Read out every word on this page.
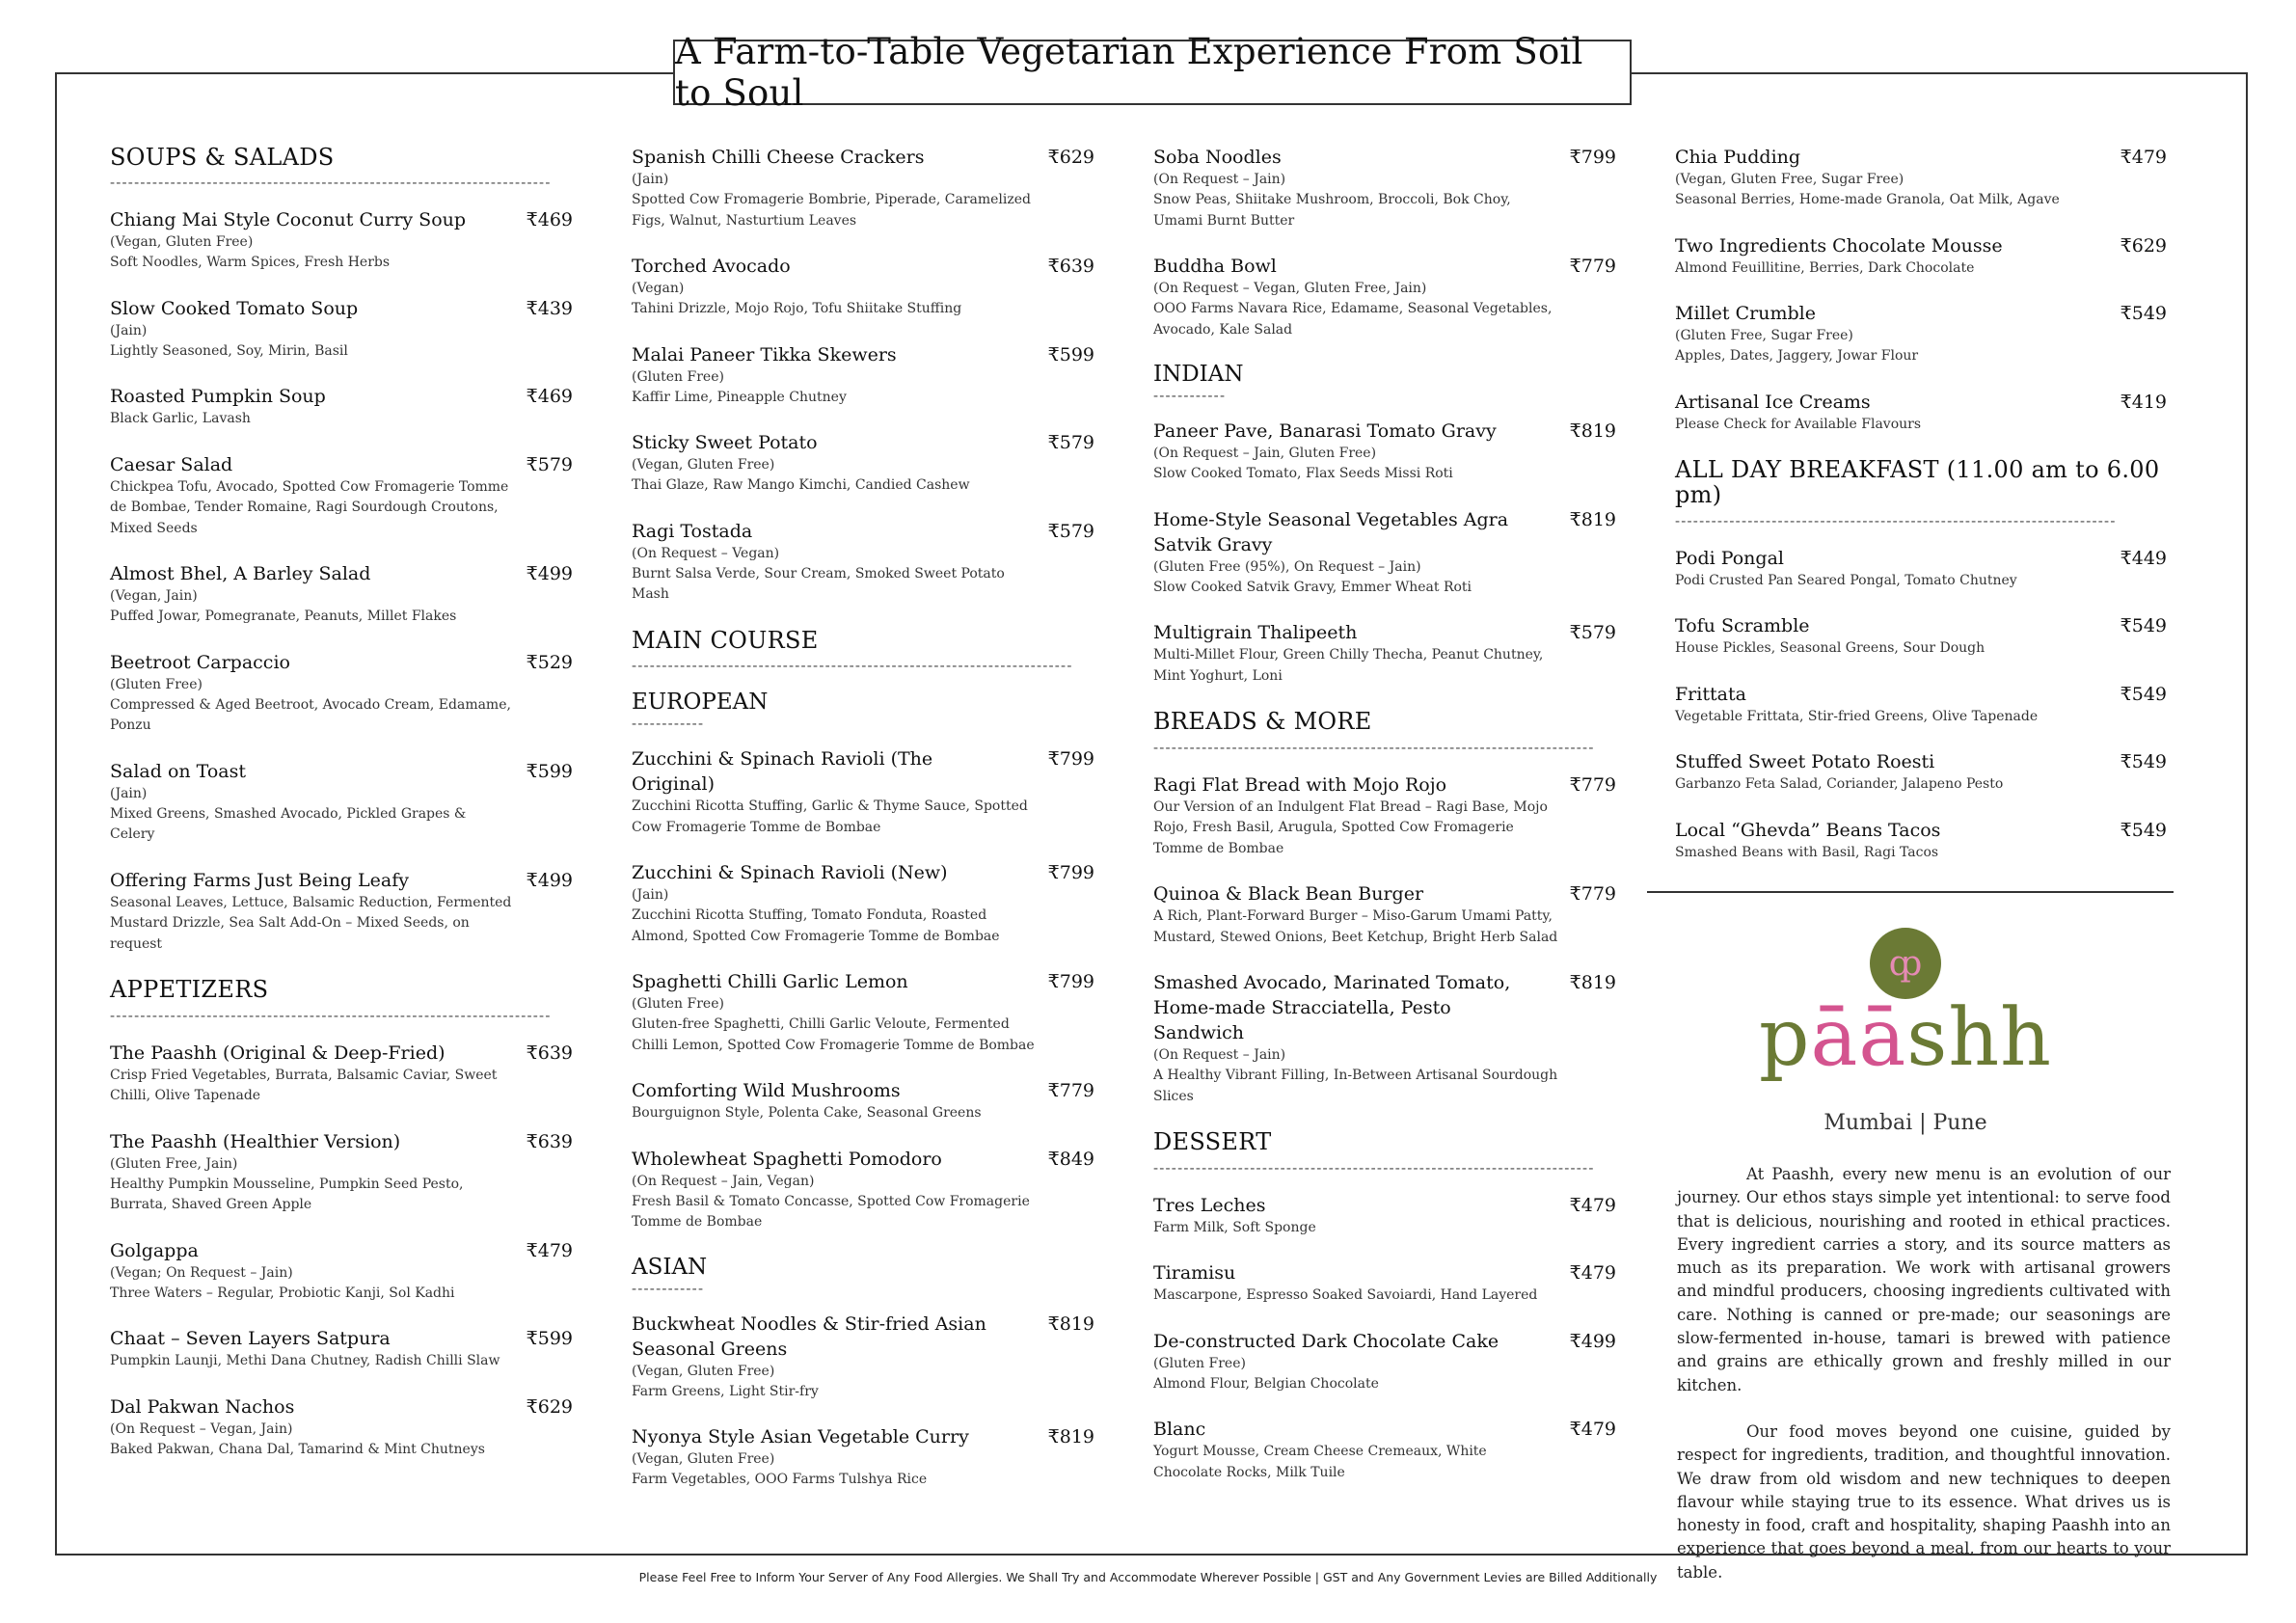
A Farm-to-Table Vegetarian Experience From Soil to Soul
SOUPS & SALADS
-------------------------------------------------------------------------
Chiang Mai Style Coconut Curry Soup	₹469
(Vegan, Gluten Free)
Soft Noodles, Warm Spices, Fresh Herbs
Slow Cooked Tomato Soup	₹439
(Jain)
Lightly Seasoned, Soy, Mirin, Basil
Roasted Pumpkin Soup	₹469
Black Garlic, Lavash
Caesar Salad	₹579
Chickpea Tofu, Avocado, Spotted Cow Fromagerie Tomme de Bombae, Tender Romaine, Ragi Sourdough Croutons, Mixed Seeds
Almost Bhel, A Barley Salad	₹499
(Vegan, Jain)
Puffed Jowar, Pomegranate, Peanuts, Millet Flakes
Beetroot Carpaccio	₹529
(Gluten Free)
Compressed & Aged Beetroot, Avocado Cream, Edamame, Ponzu
Salad on Toast	₹599
(Jain)
Mixed Greens, Smashed Avocado, Pickled Grapes & Celery
Offering Farms Just Being Leafy	₹499
Seasonal Leaves, Lettuce, Balsamic Reduction, Fermented Mustard Drizzle, Sea Salt Add-On – Mixed Seeds, on request
APPETIZERS
-------------------------------------------------------------------------
The Paashh (Original & Deep-Fried)	₹639
Crisp Fried Vegetables, Burrata, Balsamic Caviar, Sweet Chilli, Olive Tapenade
The Paashh (Healthier Version)	₹639
(Gluten Free, Jain)
Healthy Pumpkin Mousseline, Pumpkin Seed Pesto, Burrata, Shaved Green Apple
Golgappa	₹479
(Vegan; On Request – Jain)
Three Waters – Regular, Probiotic Kanji, Sol Kadhi
Chaat – Seven Layers Satpura	₹599
Pumpkin Launji, Methi Dana Chutney, Radish Chilli Slaw
Dal Pakwan Nachos	₹629
(On Request – Vegan, Jain)
Baked Pakwan, Chana Dal, Tamarind & Mint Chutneys
Spanish Chilli Cheese Crackers	₹629
(Jain)
Spotted Cow Fromagerie Bombrie, Piperade, Caramelized Figs, Walnut, Nasturtium Leaves
Torched Avocado	₹639
(Vegan)
Tahini Drizzle, Mojo Rojo, Tofu Shiitake Stuffing
Malai Paneer Tikka Skewers	₹599
(Gluten Free)
Kaffir Lime, Pineapple Chutney
Sticky Sweet Potato	₹579
(Vegan, Gluten Free)
Thai Glaze, Raw Mango Kimchi, Candied Cashew
Ragi Tostada	₹579
(On Request – Vegan)
Burnt Salsa Verde, Sour Cream, Smoked Sweet Potato Mash
MAIN COURSE
-------------------------------------------------------------------------
EUROPEAN
------------
Zucchini & Spinach Ravioli (The Original)
₹799
Zucchini Ricotta Stuffing, Garlic & Thyme Sauce, Spotted Cow Fromagerie Tomme de Bombae
Zucchini & Spinach Ravioli (New)	₹799
(Jain)
Zucchini Ricotta Stuffing, Tomato Fonduta, Roasted Almond, Spotted Cow Fromagerie Tomme de Bombae
Spaghetti Chilli Garlic Lemon	₹799
(Gluten Free)
Gluten-free Spaghetti, Chilli Garlic Veloute, Fermented Chilli Lemon, Spotted Cow Fromagerie Tomme de Bombae
Comforting Wild Mushrooms	₹779
Bourguignon Style, Polenta Cake, Seasonal Greens
Wholewheat Spaghetti Pomodoro	₹849
(On Request – Jain, Vegan)
Fresh Basil & Tomato Concasse, Spotted Cow Fromagerie Tomme de Bombae
ASIAN
------------
Buckwheat Noodles & Stir-fried Asian Seasonal Greens
₹819
(Vegan, Gluten Free)
Farm Greens, Light Stir-fry
Nyonya Style Asian Vegetable Curry	₹819
(Vegan, Gluten Free)
Farm Vegetables, OOO Farms Tulshya Rice
Soba Noodles	₹799
(On Request – Jain)
Snow Peas, Shiitake Mushroom, Broccoli, Bok Choy, Umami Burnt Butter
Buddha Bowl	₹779
(On Request – Vegan, Gluten Free, Jain)
OOO Farms Navara Rice, Edamame, Seasonal Vegetables, Avocado, Kale Salad
INDIAN
------------
Paneer Pave, Banarasi Tomato Gravy	₹819
(On Request – Jain, Gluten Free)
Slow Cooked Tomato, Flax Seeds Missi Roti
Home-Style Seasonal Vegetables Agra Satvik Gravy
₹819
(Gluten Free (95%), On Request – Jain)
Slow Cooked Satvik Gravy, Emmer Wheat Roti
Multigrain Thalipeeth	₹579
Multi-Millet Flour, Green Chilly Thecha, Peanut Chutney, Mint Yoghurt, Loni
BREADS & MORE
-------------------------------------------------------------------------
Ragi Flat Bread with Mojo Rojo	₹779
Our Version of an Indulgent Flat Bread – Ragi Base, Mojo Rojo, Fresh Basil, Arugula, Spotted Cow Fromagerie Tomme de Bombae
Quinoa & Black Bean Burger	₹779
A Rich, Plant-Forward Burger – Miso-Garum Umami Patty, Mustard, Stewed Onions, Beet Ketchup, Bright Herb Salad
Smashed Avocado, Marinated Tomato, Home-made Stracciatella, Pesto Sandwich
₹819
(On Request – Jain)
A Healthy Vibrant Filling, In-Between Artisanal Sourdough Slices
DESSERT
-------------------------------------------------------------------------
Tres Leches	₹479
Farm Milk, Soft Sponge
Tiramisu	₹479
Mascarpone, Espresso Soaked Savoiardi, Hand Layered
De-constructed Dark Chocolate Cake	₹499
(Gluten Free)
Almond Flour, Belgian Chocolate
Blanc	₹479
Yogurt Mousse, Cream Cheese Cremeaux, White Chocolate Rocks, Milk Tuile
Chia Pudding	₹479
(Vegan, Gluten Free, Sugar Free)
Seasonal Berries, Home-made Granola, Oat Milk, Agave
Two Ingredients Chocolate Mousse	₹629
Almond Feuillitine, Berries, Dark Chocolate
Millet Crumble	₹549
(Gluten Free, Sugar Free)
Apples, Dates, Jaggery, Jowar Flour
Artisanal Ice Creams	₹419
Please Check for Available Flavours
ALL DAY BREAKFAST (11.00 am to 6.00 pm)
-------------------------------------------------------------------------
Podi Pongal	₹449
Podi Crusted Pan Seared Pongal, Tomato Chutney
Tofu Scramble	₹549
House Pickles, Seasonal Greens, Sour Dough
Frittata	₹549
Vegetable Frittata, Stir-fried Greens, Olive Tapenade
Stuffed Sweet Potato Roesti	₹549
Garbanzo Feta Salad, Coriander, Jalapeno Pesto
Local “Ghevda” Beans Tacos	₹549
Smashed Beans with Basil, Ragi Tacos
ȹ
pāāshh
Mumbai | Pune

At Paashh, every new menu is an evolution of our journey. Our ethos stays simple yet intentional: to serve food that is delicious, nourishing and rooted in ethical practices. Every ingredient carries a story, and its source matters as much as its preparation. We work with artisanal growers and mindful producers, choosing ingredients cultivated with care. Nothing is canned or pre-made; our seasonings are slow-fermented in-house, tamari is brewed with patience and grains are ethically grown and freshly milled in our kitchen.

Our food moves beyond one cuisine, guided by respect for ingredients, tradition, and thoughtful innovation. We draw from old wisdom and new techniques to deepen flavour while staying true to its essence. What drives us is honesty in food, craft and hospitality, shaping Paashh into an experience that goes beyond a meal, from our hearts to your table.

Please Feel Free to Inform Your Server of Any Food Allergies. We Shall Try and Accommodate Wherever Possible | GST and Any Government Levies are Billed Additionally
